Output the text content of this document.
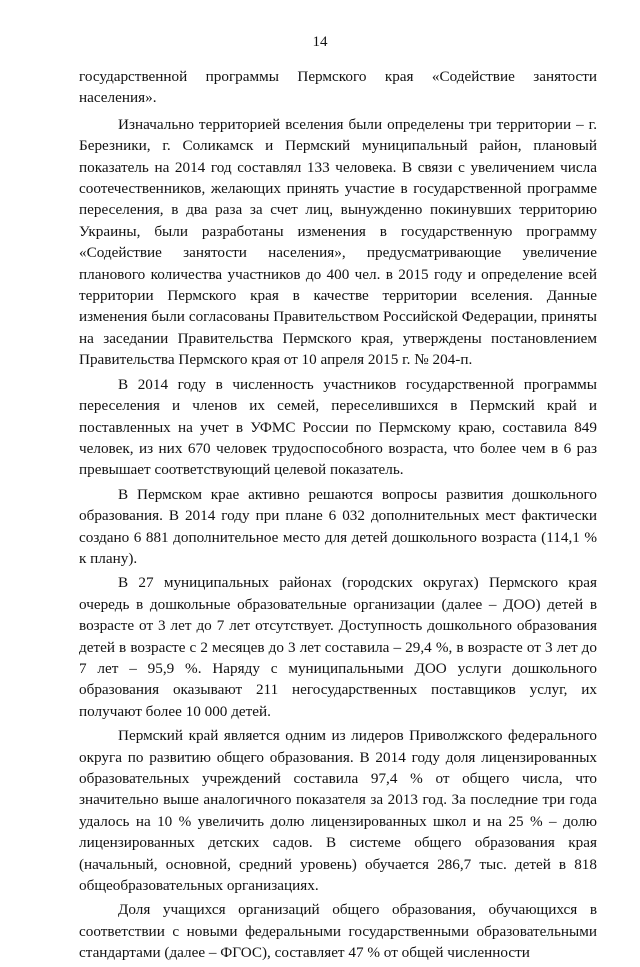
14

государственной программы Пермского края «Содействие занятости населения».

Изначально территорией вселения были определены три территории – г. Березники, г. Соликамск и Пермский муниципальный район, плановый показатель на 2014 год составлял 133 человека. В связи с увеличением числа соотечественников, желающих принять участие в государственной программе переселения, в два раза за счет лиц, вынужденно покинувших территорию Украины, были разработаны изменения в государственную программу «Содействие занятости населения», предусматривающие увеличение планового количества участников до 400 чел. в 2015 году и определение всей территории Пермского края в качестве территории вселения. Данные изменения были согласованы Правительством Российской Федерации, приняты на заседании Правительства Пермского края, утверждены постановлением Правительства Пермского края от 10 апреля 2015 г. № 204-п.

В 2014 году в численность участников государственной программы переселения и членов их семей, переселившихся в Пермский край и поставленных на учет в УФМС России по Пермскому краю, составила 849 человек, из них 670 человек трудоспособного возраста, что более чем в 6 раз превышает соответствующий целевой показатель.

В Пермском крае активно решаются вопросы развития дошкольного образования. В 2014 году при плане 6 032 дополнительных мест фактически создано 6 881 дополнительное место для детей дошкольного возраста (114,1 % к плану).

В 27 муниципальных районах (городских округах) Пермского края очередь в дошкольные образовательные организации (далее – ДОО) детей в возрасте от 3 лет до 7 лет отсутствует. Доступность дошкольного образования детей в возрасте с 2 месяцев до 3 лет составила – 29,4 %, в возрасте от 3 лет до 7 лет – 95,9 %. Наряду с муниципальными ДОО услуги дошкольного образования оказывают 211 негосударственных поставщиков услуг, их получают более 10 000 детей.

Пермский край является одним из лидеров Приволжского федерального округа по развитию общего образования. В 2014 году доля лицензированных образовательных учреждений составила 97,4 % от общего числа, что значительно выше аналогичного показателя за 2013 год. За последние три года удалось на 10 % увеличить долю лицензированных школ и на 25 % – долю лицензированных детских садов. В системе общего образования края (начальный, основной, средний уровень) обучается 286,7 тыс. детей в 818 общеобразовательных организациях.

Доля учащихся организаций общего образования, обучающихся в соответствии с новыми федеральными государственными образовательными стандартами (далее – ФГОС), составляет 47 % от общей численности
